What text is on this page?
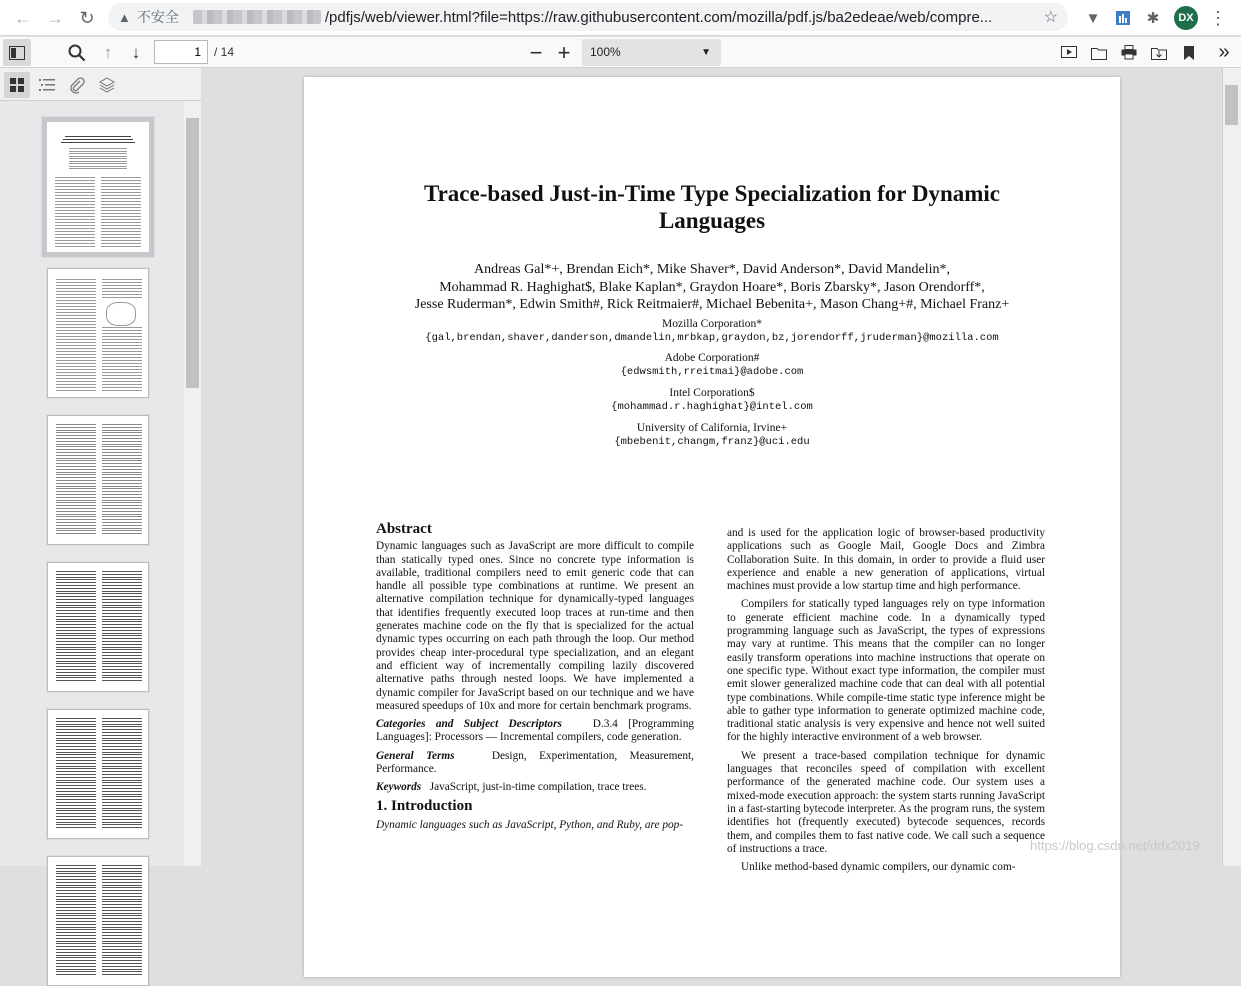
← → ↻	▲ 不安全	/pdfjs/web/viewer.html?file=https://raw.githubusercontent.com/mozilla/pdf.js/ba2edeae/web/compre...	☆	▼	✱	DX ⋮
↑	↓	1	/ 14	− +	100%	▼	»
Trace-based Just-in-Time Type Specialization for Dynamic
Languages
Andreas Gal*+, Brendan Eich*, Mike Shaver*, David Anderson*, David Mandelin*,
Mohammad R. Haghighat$, Blake Kaplan*, Graydon Hoare*, Boris Zbarsky*, Jason Orendorff*,
Jesse Ruderman*, Edwin Smith#, Rick Reitmaier#, Michael Bebenita+, Mason Chang+#, Michael Franz+
Mozilla Corporation*
{gal,brendan,shaver,danderson,dmandelin,mrbkap,graydon,bz,jorendorff,jruderman}@mozilla.com
Adobe Corporation#
{edwsmith,rreitmai}@adobe.com
Intel Corporation$
{mohammad.r.haghighat}@intel.com
University of California, Irvine+
{mbebenit,changm,franz}@uci.edu
Abstract

Dynamic languages such as JavaScript are more difficult to compile than statically typed ones. Since no concrete type information is available, traditional compilers need to emit generic code that can handle all possible type combinations at runtime. We present an alternative compilation technique for dynamically-typed languages that identifies frequently executed loop traces at run-time and then generates machine code on the fly that is specialized for the actual dynamic types occurring on each path through the loop. Our method provides cheap inter-procedural type specialization, and an elegant and efficient way of incrementally compiling lazily discovered alternative paths through nested loops. We have implemented a dynamic compiler for JavaScript based on our technique and we have measured speedups of 10x and more for certain benchmark programs.

Categories and Subject Descriptors	D.3.4 [Programming Languages]: Processors — Incremental compilers, code generation.

General Terms	Design, Experimentation, Measurement, Performance.

Keywords JavaScript, just-in-time compilation, trace trees.

1. Introduction

Dynamic languages such as JavaScript, Python, and Ruby, are pop-

and is used for the application logic of browser-based productivity applications such as Google Mail, Google Docs and Zimbra Collaboration Suite. In this domain, in order to provide a fluid user experience and enable a new generation of applications, virtual machines must provide a low startup time and high performance.

Compilers for statically typed languages rely on type information to generate efficient machine code. In a dynamically typed programming language such as JavaScript, the types of expressions may vary at runtime. This means that the compiler can no longer easily transform operations into machine instructions that operate on one specific type. Without exact type information, the compiler must emit slower generalized machine code that can deal with all potential type combinations. While compile-time static type inference might be able to gather type information to generate optimized machine code, traditional static analysis is very expensive and hence not well suited for the highly interactive environment of a web browser.

We present a trace-based compilation technique for dynamic languages that reconciles speed of compilation with excellent performance of the generated machine code. Our system uses a mixed-mode execution approach: the system starts running JavaScript in a fast-starting bytecode interpreter. As the program runs, the system identifies hot (frequently executed) bytecode sequences, records them, and compiles them to fast native code. We call such a sequence of instructions a trace.

Unlike method-based dynamic compilers, our dynamic com-

https://blog.csdn.net/ddx2019
